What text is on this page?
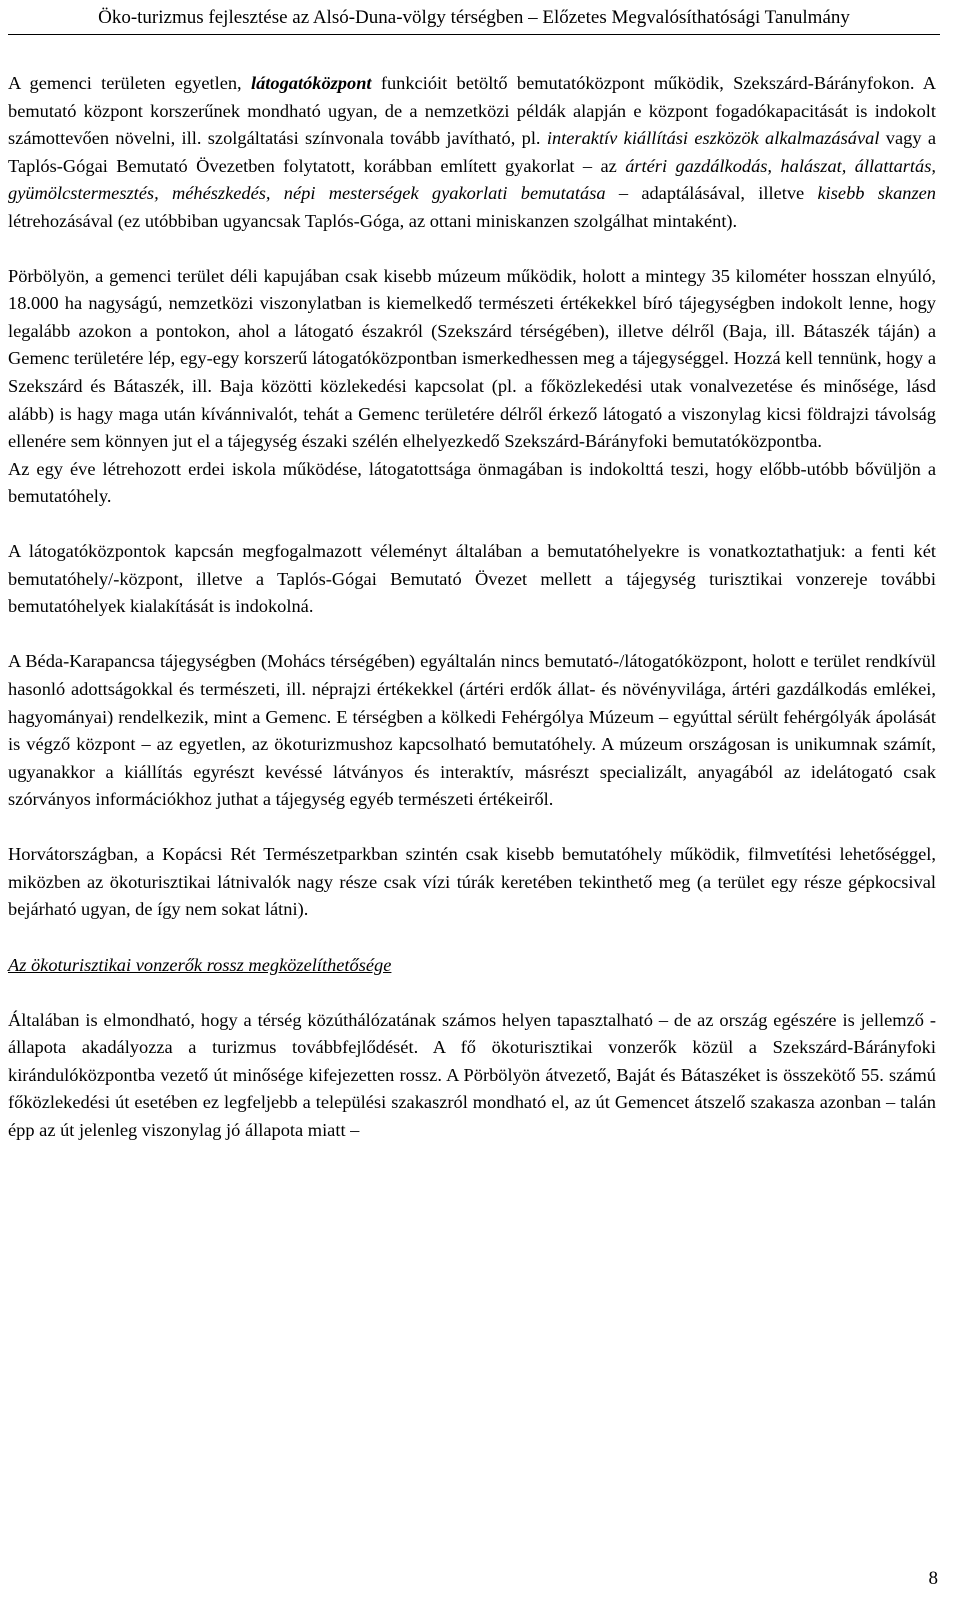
Öko-turizmus fejlesztése az Alsó-Duna-völgy térségben – Előzetes Megvalósíthatósági Tanulmány

A gemenci területen egyetlen, látogatóközpont funkcióit betöltő bemutatóközpont működik, Szekszárd-Bárányfokon. A bemutató központ korszerűnek mondható ugyan, de a nemzetközi példák alapján e központ fogadókapacitását is indokolt számottevően növelni, ill. szolgáltatási színvonala tovább javítható, pl. interaktív kiállítási eszközök alkalmazásával vagy a Taplós-Gógai Bemutató Övezetben folytatott, korábban említett gyakorlat – az ártéri gazdálkodás, halászat, állattartás, gyümölcstermesztés, méhészkedés, népi mesterségek gyakorlati bemutatása – adaptálásával, illetve kisebb skanzen létrehozásával (ez utóbbiban ugyancsak Taplós-Góga, az ottani miniskanzen szolgálhat mintaként).

Pörbölyön, a gemenci terület déli kapujában csak kisebb múzeum működik, holott a mintegy 35 kilométer hosszan elnyúló, 18.000 ha nagyságú, nemzetközi viszonylatban is kiemelkedő természeti értékekkel bíró tájegységben indokolt lenne, hogy legalább azokon a pontokon, ahol a látogató északról (Szekszárd térségében), illetve délről (Baja, ill. Bátaszék táján) a Gemenc területére lép, egy-egy korszerű látogatóközpontban ismerkedhessen meg a tájegységgel. Hozzá kell tennünk, hogy a Szekszárd és Bátaszék, ill. Baja közötti közlekedési kapcsolat (pl. a főközlekedési utak vonalvezetése és minősége, lásd alább) is hagy maga után kívánnivalót, tehát a Gemenc területére délről érkező látogató a viszonylag kicsi földrajzi távolság ellenére sem könnyen jut el a tájegység északi szélén elhelyezkedő Szekszárd-Bárányfoki bemutatóközpontba.

Az egy éve létrehozott erdei iskola működése, látogatottsága önmagában is indokolttá teszi, hogy előbb-utóbb bővüljön a bemutatóhely.

A látogatóközpontok kapcsán megfogalmazott véleményt általában a bemutatóhelyekre is vonatkoztathatjuk: a fenti két bemutatóhely/-központ, illetve a Taplós-Gógai Bemutató Övezet mellett a tájegység turisztikai vonzereje további bemutatóhelyek kialakítását is indokolná.

A Béda-Karapancsa tájegységben (Mohács térségében) egyáltalán nincs bemutató-/látogatóközpont, holott e terület rendkívül hasonló adottságokkal és természeti, ill. néprajzi értékekkel (ártéri erdők állat- és növényvilága, ártéri gazdálkodás emlékei, hagyományai) rendelkezik, mint a Gemenc. E térségben a kölkedi Fehérgólya Múzeum – egyúttal sérült fehérgólyák ápolását is végző központ – az egyetlen, az ökoturizmushoz kapcsolható bemutatóhely. A múzeum országosan is unikumnak számít, ugyanakkor a kiállítás egyrészt kevéssé látványos és interaktív, másrészt specializált, anyagából az idelátogató csak szórványos információkhoz juthat a tájegység egyéb természeti értékeiről.

Horvátországban, a Kopácsi Rét Természetparkban szintén csak kisebb bemutatóhely működik, filmvetítési lehetőséggel, miközben az ökoturisztikai látnivalók nagy része csak vízi túrák keretében tekinthető meg (a terület egy része gépkocsival bejárható ugyan, de így nem sokat látni).

Az ökoturisztikai vonzerők rossz megközelíthetősége

Általában is elmondható, hogy a térség közúthálózatának számos helyen tapasztalható – de az ország egészére is jellemző - állapota akadályozza a turizmus továbbfejlődését. A fő ökoturisztikai vonzerők közül a Szekszárd-Bárányfoki kirándulóközpontba vezető út minősége kifejezetten rossz. A Pörbölyön átvezető, Baját és Bátaszéket is összekötő 55. számú főközlekedési út esetében ez legfeljebb a települési szakaszról mondható el, az út Gemencet átszelő szakasza azonban – talán épp az út jelenleg viszonylag jó állapota miatt –

8
